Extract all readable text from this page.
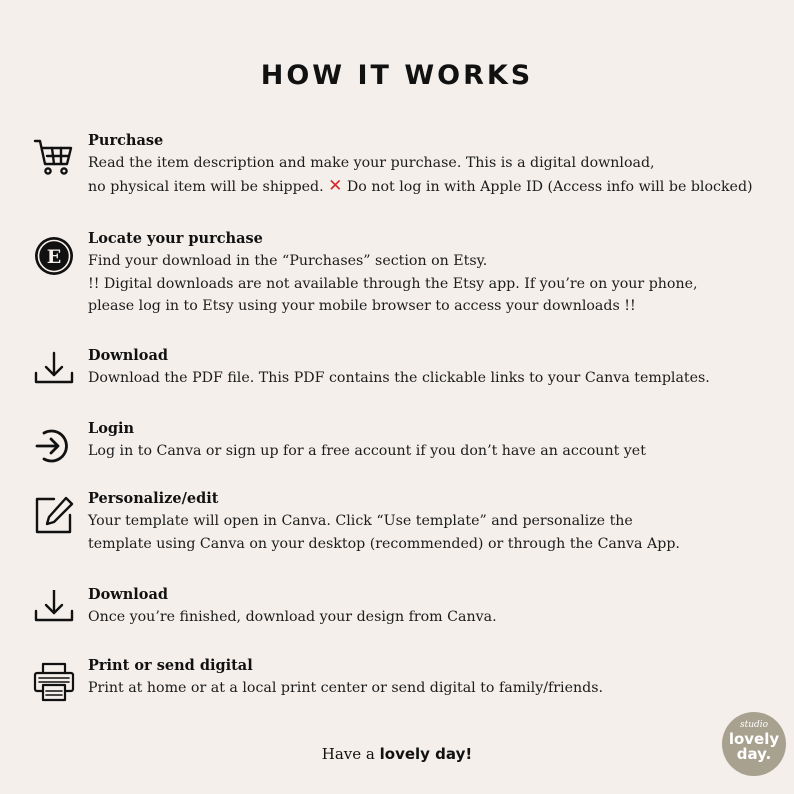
HOW IT WORKS
Purchase
Read the item description and make your purchase. This is a digital download,
no physical item will be shipped. ✕ Do not log in with Apple ID (Access info will be blocked)
E
Locate your purchase
Find your download in the “Purchases” section on Etsy.
!! Digital downloads are not available through the Etsy app. If you’re on your phone,
please log in to Etsy using your mobile browser to access your downloads !!
Download
Download the PDF file. This PDF contains the clickable links to your Canva templates.
Login
Log in to Canva or sign up for a free account if you don’t have an account yet
Personalize/edit
Your template will open in Canva. Click “Use template” and personalize the
template using Canva on your desktop (recommended) or through the Canva App.
Download
Once you’re finished, download your design from Canva.
Print or send digital
Print at home or at a local print center or send digital to family/friends.
Have a lovely day!
studio
lovely
day.
